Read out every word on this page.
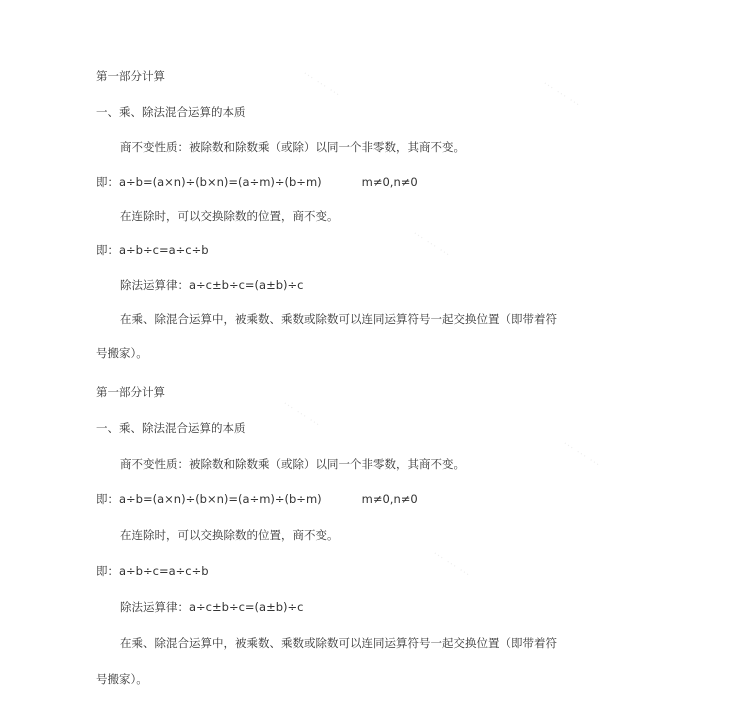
··· ··· ···	··· ··· ···
··· ··· ···
··· ··· ···
··· ··· ···
··· ··· ···
第一部分计算
一、乘、除法混合运算的本质
商不变性质：被除数和除数乘（或除）以同一个非零数，其商不变。
即：a÷b=(a×n)÷(b×n)=(a÷m)÷(b÷m)	m≠0,n≠0
在连除时，可以交换除数的位置，商不变。
即：a÷b÷c=a÷c÷b
除法运算律：a÷c±b÷c=(a±b)÷c
在乘、除混合运算中，被乘数、乘数或除数可以连同运算符号一起交换位置（即带着符
号搬家）。
第一部分计算
一、乘、除法混合运算的本质
商不变性质：被除数和除数乘（或除）以同一个非零数，其商不变。
即：a÷b=(a×n)÷(b×n)=(a÷m)÷(b÷m)	m≠0,n≠0
在连除时，可以交换除数的位置，商不变。
即：a÷b÷c=a÷c÷b
除法运算律：a÷c±b÷c=(a±b)÷c
在乘、除混合运算中，被乘数、乘数或除数可以连同运算符号一起交换位置（即带着符
号搬家）。
